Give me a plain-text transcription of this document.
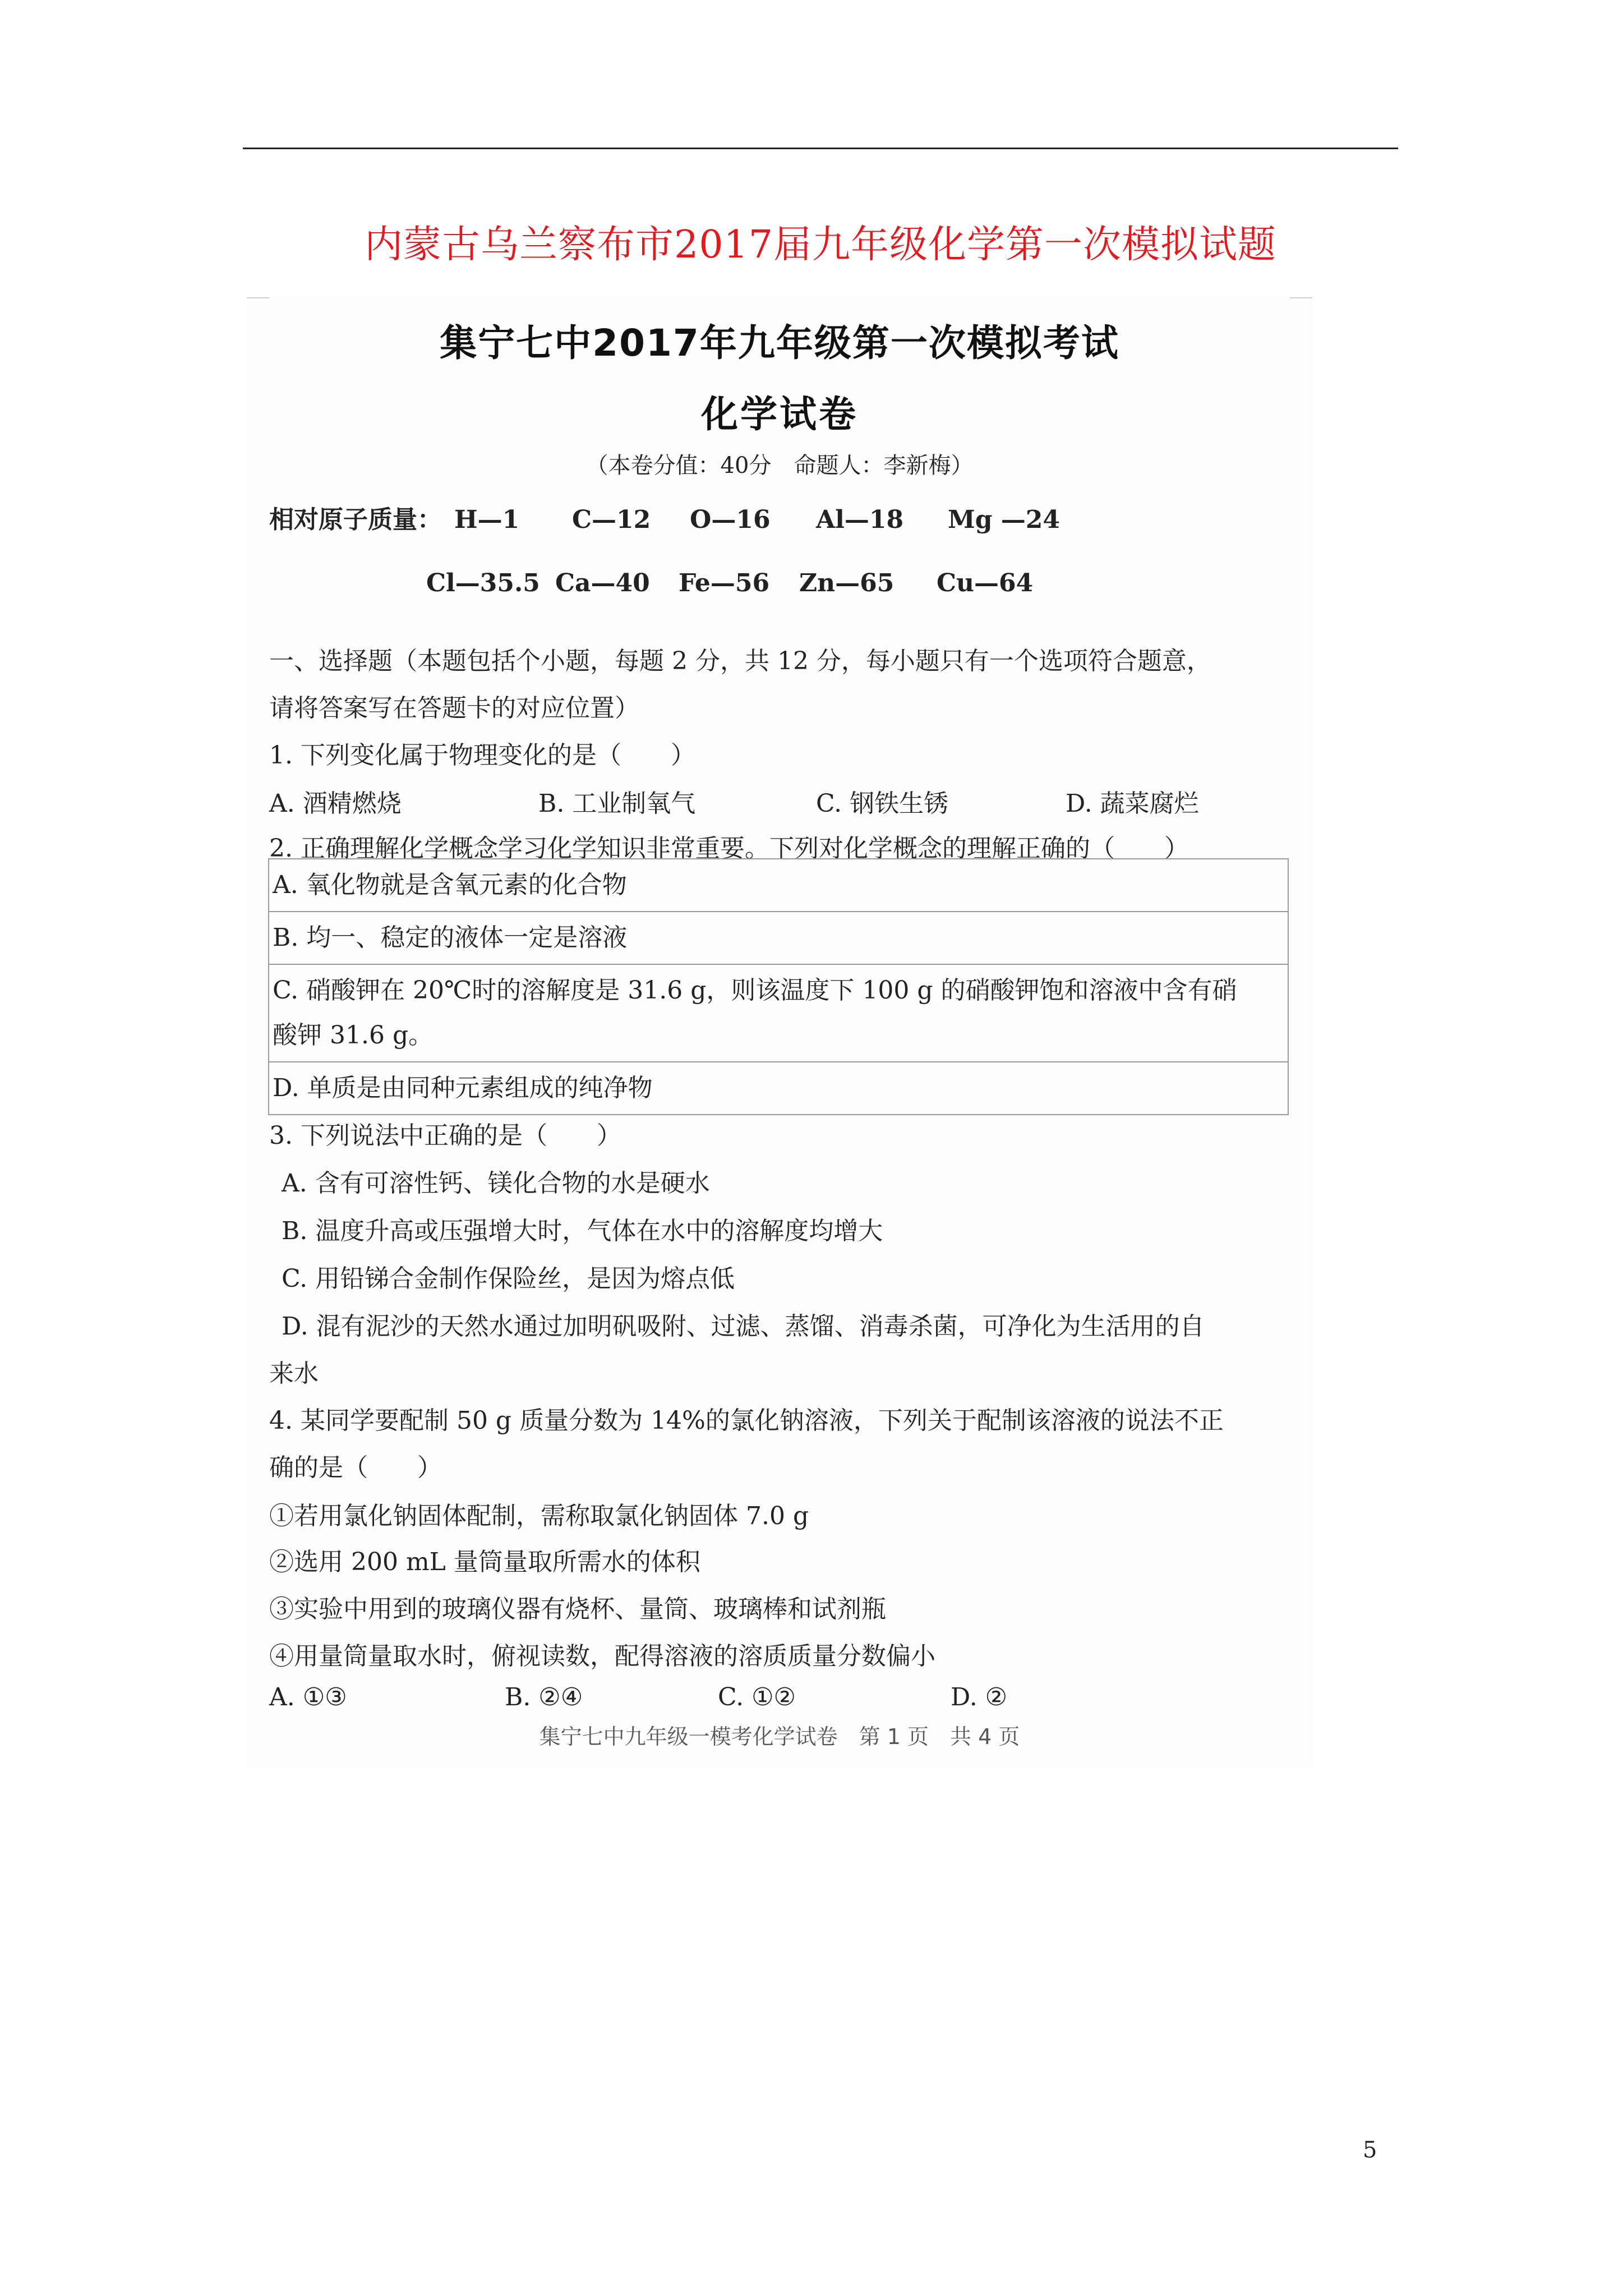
内蒙古乌兰察布市2017届九年级化学第一次模拟试题
集宁七中2017年九年级第一次模拟考试
化学试卷
（本卷分值：40分　命题人：李新梅）
相对原子质量： H—1 C—12 O—16 Al—18 Mg —24
Cl—35.5 Ca—40 Fe—56 Zn—65 Cu—64
一、选择题（本题包括个小题，每题 2 分，共 12 分，每小题只有一个选项符合题意，
请将答案写在答题卡的对应位置）
1. 下列变化属于物理变化的是（　　）
A. 酒精燃烧	B. 工业制氧气	C. 钢铁生锈	D. 蔬菜腐烂
2. 正确理解化学概念学习化学知识非常重要。下列对化学概念的理解正确的（　　）
A. 氧化物就是含氧元素的化合物
B. 均一、稳定的液体一定是溶液

C. 硝酸钾在 20℃时的溶解度是 31.6 g，则该温度下 100 g 的硝酸钾饱和溶液中含有硝
酸钾 31.6 g。

D. 单质是由同种元素组成的纯净物
3. 下列说法中正确的是（　　）
A. 含有可溶性钙、镁化合物的水是硬水
B. 温度升高或压强增大时，气体在水中的溶解度均增大
C. 用铅锑合金制作保险丝，是因为熔点低
D. 混有泥沙的天然水通过加明矾吸附、过滤、蒸馏、消毒杀菌，可净化为生活用的自
来水
4. 某同学要配制 50 g 质量分数为 14%的氯化钠溶液，下列关于配制该溶液的说法不正
确的是（　　）
①若用氯化钠固体配制，需称取氯化钠固体 7.0 g
②选用 200 mL 量筒量取所需水的体积
③实验中用到的玻璃仪器有烧杯、量筒、玻璃棒和试剂瓶
④用量筒量取水时，俯视读数，配得溶液的溶质质量分数偏小
A. ①③	B. ②④	C. ①②	D. ②
集宁七中九年级一模考化学试卷　第 1 页　共 4 页
5
